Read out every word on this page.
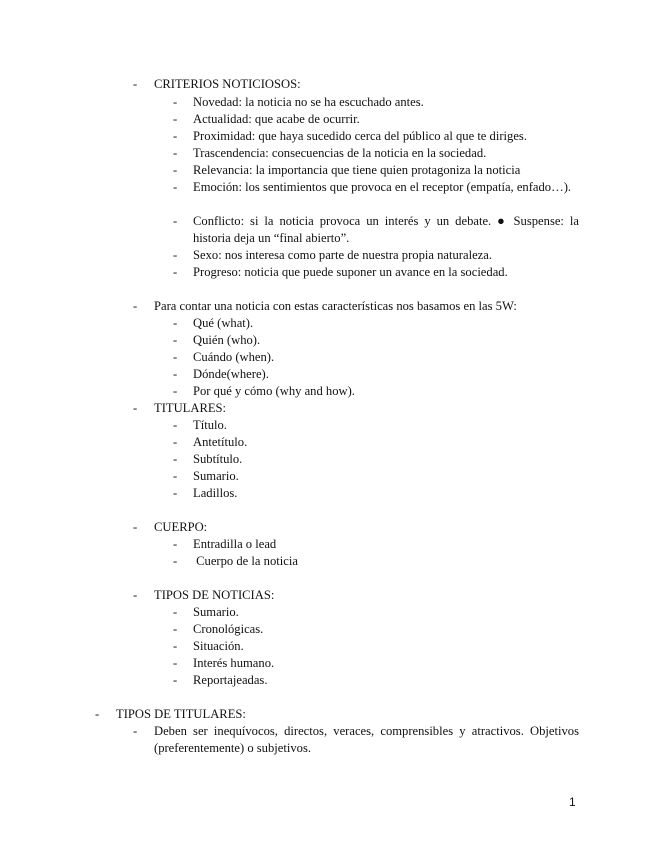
- CRITERIOS NOTICIOSOS:
- Novedad: la noticia no se ha escuchado antes.
- Actualidad: que acabe de ocurrir.
- Proximidad: que haya sucedido cerca del público al que te diriges.
- Trascendencia: consecuencias de la noticia en la sociedad.
- Relevancia: la importancia que tiene quien protagoniza la noticia
- Emoción: los sentimientos que provoca en el receptor (empatía, enfado…).
- Conflicto: si la noticia provoca un interés y un debate. ● Suspense: la historia deja un “final abierto”.
- Sexo: nos interesa como parte de nuestra propia naturaleza.
- Progreso: noticia que puede suponer un avance en la sociedad.
- Para contar una noticia con estas características nos basamos en las 5W:
- Qué (what).
- Quién (who).
- Cuándo (when).
- Dónde(where).
- Por qué y cómo (why and how).
- TITULARES:
- Título.
- Antetítulo.
- Subtítulo.
- Sumario.
- Ladillos.
- CUERPO:
- Entradilla o lead
- Cuerpo de la noticia
- TIPOS DE NOTICIAS:
- Sumario.
- Cronológicas.
- Situación.
- Interés humano.
- Reportajeadas.
- TIPOS DE TITULARES:
- Deben ser inequívocos, directos, veraces, comprensibles y atractivos. Objetivos (preferentemente) o subjetivos.
1
